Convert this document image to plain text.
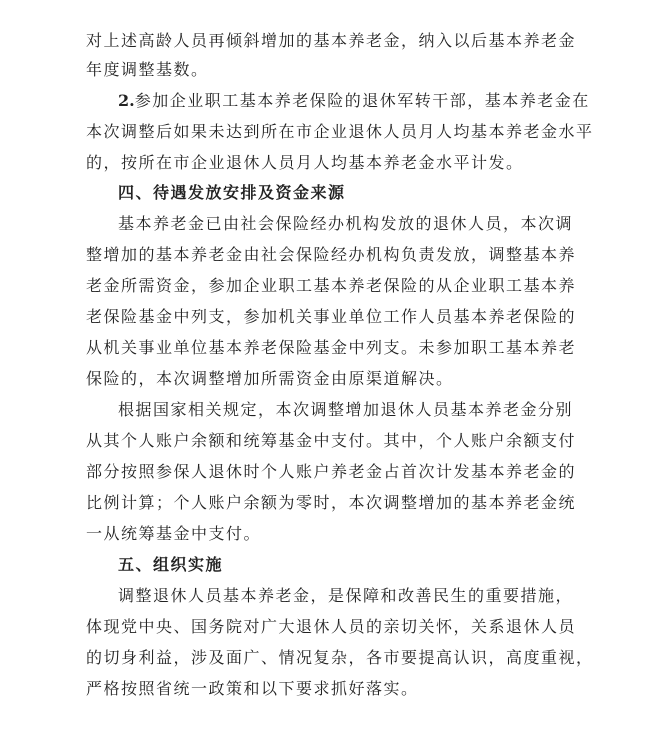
对上述高龄人员再倾斜增加的基本养老金，纳入以后基本养老金
年度调整基数。
2.参加企业职工基本养老保险的退休军转干部，基本养老金在
本次调整后如果未达到所在市企业退休人员月人均基本养老金水平
的，按所在市企业退休人员月人均基本养老金水平计发。
四、待遇发放安排及资金来源
基本养老金已由社会保险经办机构发放的退休人员，本次调
整增加的基本养老金由社会保险经办机构负责发放，调整基本养
老金所需资金，参加企业职工基本养老保险的从企业职工基本养
老保险基金中列支，参加机关事业单位工作人员基本养老保险的
从机关事业单位基本养老保险基金中列支。未参加职工基本养老
保险的，本次调整增加所需资金由原渠道解决。
根据国家相关规定，本次调整增加退休人员基本养老金分别
从其个人账户余额和统筹基金中支付。其中，个人账户余额支付
部分按照参保人退休时个人账户养老金占首次计发基本养老金的
比例计算；个人账户余额为零时，本次调整增加的基本养老金统
一从统筹基金中支付。
五、组织实施
调整退休人员基本养老金，是保障和改善民生的重要措施，
体现党中央、国务院对广大退休人员的亲切关怀，关系退休人员
的切身利益，涉及面广、情况复杂，各市要提高认识，高度重视，
严格按照省统一政策和以下要求抓好落实。
